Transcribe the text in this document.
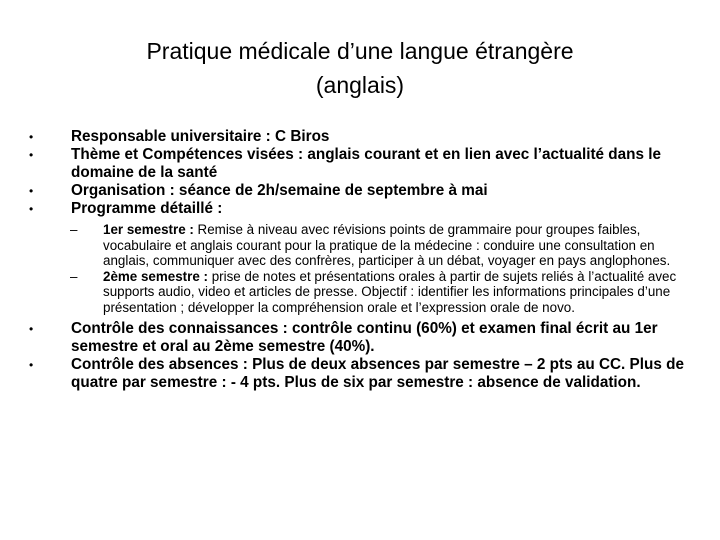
Pratique médicale d’une langue étrangère
(anglais)
• Responsable universitaire : C Biros
• Thème et Compétences visées : anglais courant et en lien avec l’actualité dans le domaine de la santé
• Organisation : séance de 2h/semaine de septembre à mai
• Programme détaillé :
– 1er semestre : Remise à niveau avec révisions points de grammaire pour groupes faibles, vocabulaire et anglais courant pour la pratique de la médecine : conduire une consultation en anglais, communiquer avec des confrères, participer à un débat, voyager en pays anglophones.
– 2ème semestre : prise de notes et présentations orales à partir de sujets reliés à l’actualité avec supports audio, video et articles de presse. Objectif : identifier les informations principales d’une présentation ; développer la compréhension orale et l’expression orale de novo.
• Contrôle des connaissances : contrôle continu (60%) et examen final écrit au 1er semestre et oral au 2ème semestre (40%).
• Contrôle des absences : Plus de deux absences par semestre – 2 pts au CC. Plus de quatre par semestre : - 4 pts. Plus de six par semestre : absence de validation.
